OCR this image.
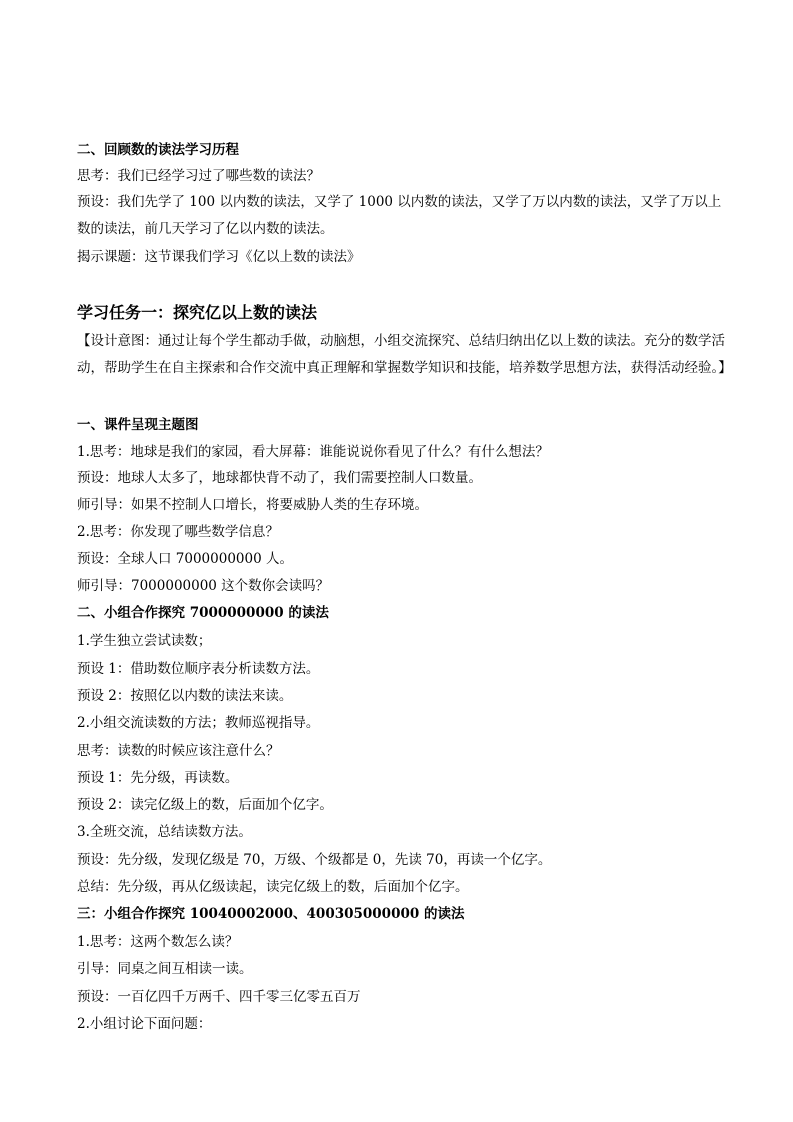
二、回顾数的读法学习历程
思考：我们已经学习过了哪些数的读法？
预设：我们先学了 100 以内数的读法，又学了 1000 以内数的读法，又学了万以内数的读法，又学了万以上数的读法，前几天学习了亿以内数的读法。
揭示课题：这节课我们学习《亿以上数的读法》
学习任务一：探究亿以上数的读法
【设计意图：通过让每个学生都动手做，动脑想，小组交流探究、总结归纳出亿以上数的读法。充分的数学活动，帮助学生在自主探索和合作交流中真正理解和掌握数学知识和技能，培养数学思想方法，获得活动经验。】
一、课件呈现主题图
1.思考：地球是我们的家园，看大屏幕：谁能说说你看见了什么？有什么想法？
预设：地球人太多了，地球都快背不动了，我们需要控制人口数量。
师引导：如果不控制人口增长，将要威胁人类的生存环境。
2.思考：你发现了哪些数学信息？
预设：全球人口 7000000000 人。
师引导：7000000000 这个数你会读吗？
二、小组合作探究 7000000000 的读法
1.学生独立尝试读数；
预设 1：借助数位顺序表分析读数方法。
预设 2：按照亿以内数的读法来读。
2.小组交流读数的方法；教师巡视指导。
思考：读数的时候应该注意什么？
预设 1：先分级，再读数。
预设 2：读完亿级上的数，后面加个亿字。
3.全班交流，总结读数方法。
预设：先分级，发现亿级是 70，万级、个级都是 0，先读 70，再读一个亿字。
总结：先分级，再从亿级读起，读完亿级上的数，后面加个亿字。
三：小组合作探究 10040002000、400305000000 的读法
1.思考：这两个数怎么读？
引导：同桌之间互相读一读。
预设：一百亿四千万两千、四千零三亿零五百万
2.小组讨论下面问题：
